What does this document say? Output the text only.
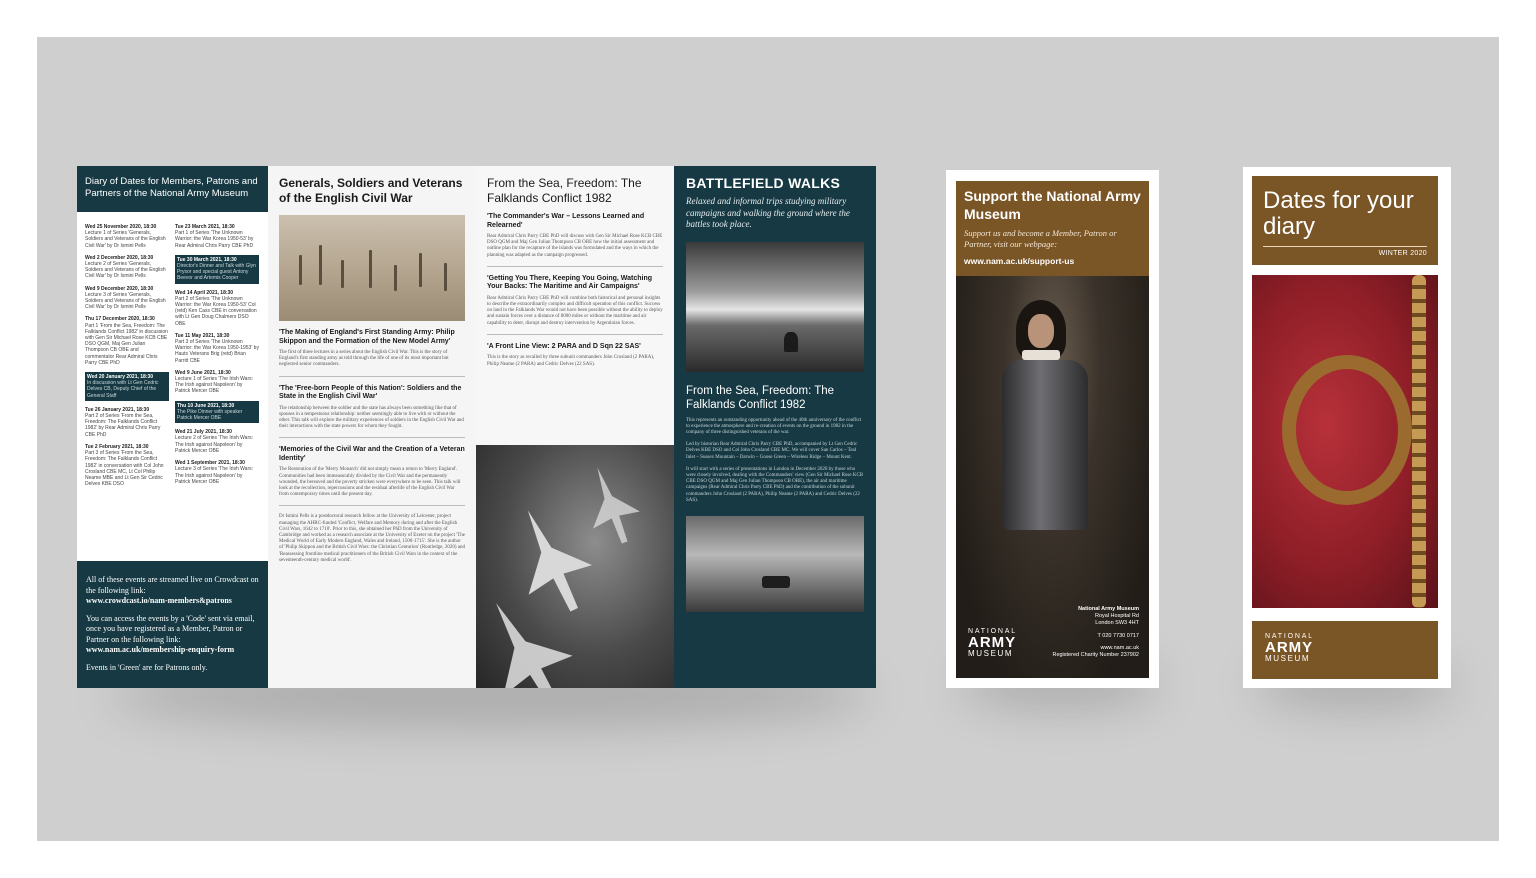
Diary of Dates for Members, Patrons and Partners of the National Army Museum
Wed 25 November 2020, 18:30
Lecture 1 of Series 'Generals, Soldiers and Veterans of the English Civil War' by Dr Ismini Pells
Wed 2 December 2020, 18:30
Lecture 2 of Series 'Generals, Soldiers and Veterans of the English Civil War' by Dr Ismini Pells
Wed 9 December 2020, 18:30
Lecture 3 of Series 'Generals, Soldiers and Veterans of the English Civil War' by Dr Ismini Pells
Thu 17 December 2020, 18:30
Part 1 'From the Sea, Freedom: The Falklands Conflict 1982' in discussion with Gen Sir Michael Rose KCB CBE DSO QGM, Maj Gen Julian Thompson CB OBE and commentator Rear Admiral Chris Parry CBE PhD
Wed 20 January 2021, 18:30
In discussion with Lt Gen Cedric Delves CB, Deputy Chief of the General Staff
Tue 26 January 2021, 18:30
Part 2 of Series 'From the Sea, Freedom: The Falklands Conflict 1982' by Rear Admiral Chris Parry CBE PhD
Tue 2 February 2021, 18:30
Part 3 of Series 'From the Sea, Freedom: The Falklands Conflict 1982' in conversation with Col John Crosland CBE MC, Lt Col Philip Neame MBE and Lt Gen Sir Cedric Delves KBE DSO
Tue 23 March 2021, 18:30
Part 1 of Series 'The Unknown Warrior: the War Korea 1950-53' by Rear Admiral Chris Parry CBE PhD
Tue 30 March 2021, 18:30
Director's Dinner and Talk with Glyn Prysor and special guest Antony Beevor and Artemis Cooper
Wed 14 April 2021, 18:30
Part 2 of Series 'The Unknown Warrior: the War Korea 1950-53' Col (retd) Ken Cass CBE in conversation with Lt Gen Doug Chalmers DSO OBE
Tue 11 May 2021, 18:30
Part 3 of Series 'The Unknown Warrior: the War Korea 1950-1953' by Hauts Veterans Brig (retd) Brian Parritt CBE
Wed 9 June 2021, 18:30
Lecture 1 of Series 'The Irish Wars: The Irish against Napoleon' by Patrick Mercer OBE
Thu 10 June 2021, 18:30
The Pike Dinner with speaker Patrick Mercer OBE
Wed 21 July 2021, 18:30
Lecture 2 of Series 'The Irish Wars: The Irish against Napoleon' by Patrick Mercer OBE
Wed 1 September 2021, 18:30
Lecture 3 of Series 'The Irish Wars: The Irish against Napoleon' by Patrick Mercer OBE
All of these events are streamed live on Crowdcast on the following link:
www.crowdcast.io/nam-members&patrons
You can access the events by a 'Code' sent via email, once you have registered as a Member, Patron or Partner on the following link:
www.nam.ac.uk/membership-enquiry-form
Events in 'Green' are for Patrons only.
Generals, Soldiers and Veterans of the English Civil War
'The Making of England's First Standing Army: Philip Skippon and the Formation of the New Model Army'
The first of three lectures in a series about the English Civil War. This is the story of England's first standing army as told through the life of one of its most important but neglected senior commanders.
'The 'Free-born People of this Nation': Soldiers and the State in the English Civil War'
The relationship between the soldier and the state has always been something like that of spouses in a tempestuous relationship: neither seemingly able to live with or without the other. This talk will explore the military experiences of soldiers in the English Civil War and their interactions with the state powers for whom they fought.
'Memories of the Civil War and the Creation of a Veteran Identity'
The Restoration of the 'Merry Monarch' did not simply mean a return to 'Merry England'. Communities had been immeasurably divided by the Civil War and the permanently wounded, the bereaved and the poverty stricken were everywhere to be seen. This talk will look at the recollection, repercussions and the residual afterlife of the English Civil War from contemporary times until the present day.
Dr Ismini Pells is a postdoctoral research fellow at the University of Leicester, project managing the AHRC-funded 'Conflict, Welfare and Memory during and after the English Civil Wars, 1642 to 1710'. Prior to this, she obtained her PhD from the University of Cambridge and worked as a research associate at the University of Exeter on the project 'The Medical World of Early Modern England, Wales and Ireland, 1500-1715'. She is the author of 'Philip Skippon and the British Civil Wars: the Christian Centurion' (Routledge, 2020) and 'Reassessing frontline medical practitioners of the British Civil Wars in the context of the seventeenth-century medical world'.
From the Sea, Freedom: The Falklands Conflict 1982
'The Commander's War – Lessons Learned and Relearned'
Rear Admiral Chris Parry CBE PhD will discuss with Gen Sir Michael Rose KCB CBE DSO QGM and Maj Gen Julian Thompson CB OBE how the initial assessment and outline plan for the recapture of the islands was formulated and the ways in which the planning was adapted as the campaign progressed.
'Getting You There, Keeping You Going, Watching Your Backs: The Maritime and Air Campaigns'
Rear Admiral Chris Parry CBE PhD will combine both historical and personal insights to describe the extraordinarily complex and difficult operation of this conflict. Success on land in the Falklands War would not have been possible without the ability to deploy and sustain forces over a distance of 8000 miles or without the maritime and air capability to deter, disrupt and destroy intervention by Argentinian forces.
'A Front Line View: 2 PARA and D Sqn 22 SAS'
This is the story as recalled by three subunit commanders John Crosland (2 PARA), Philip Neame (2 PARA) and Cedric Delves (22 SAS).
BATTLEFIELD WALKS
Relaxed and informal trips studying military campaigns and walking the ground where the battles took place.
From the Sea, Freedom: The Falklands Conflict 1982
This represents an outstanding opportunity ahead of the 40th anniversary of the conflict to experience the atmosphere and re-creation of events on the ground in 1982 in the company of three distinguished veterans of the war.
Led by historian Rear Admiral Chris Parry CBE PhD, accompanied by Lt Gen Cedric Delves KBE DSO and Col John Crosland CBE MC. We will cover San Carlos – Teal Inlet – Sussex Mountain – Darwin – Goose Green – Wireless Ridge – Mount Kent.
It will start with a series of presentations in London in December 2020 by those who were closely involved, dealing with the Commanders' view (Gen Sir Michael Rose KCB CBE DSO QGM and Maj Gen Julian Thompson CB OBE), the air and maritime campaigns (Rear Admiral Chris Parry CBE PhD) and the contribution of the subunit commanders John Crosland (2 PARA), Philip Neame (2 PARA) and Cedric Delves (22 SAS).
Support the National Army Museum
Support us and become a Member, Patron or Partner, visit our webpage:
www.nam.ac.uk/support-us
NATIONAL
ARMY
MUSEUM
National Army Museum
Royal Hospital Rd
London SW3 4HT
T 020 7730 0717
www.nam.ac.uk
Registered Charity Number 237902
Dates for your diary
WINTER 2020
NATIONAL
ARMY
MUSEUM
